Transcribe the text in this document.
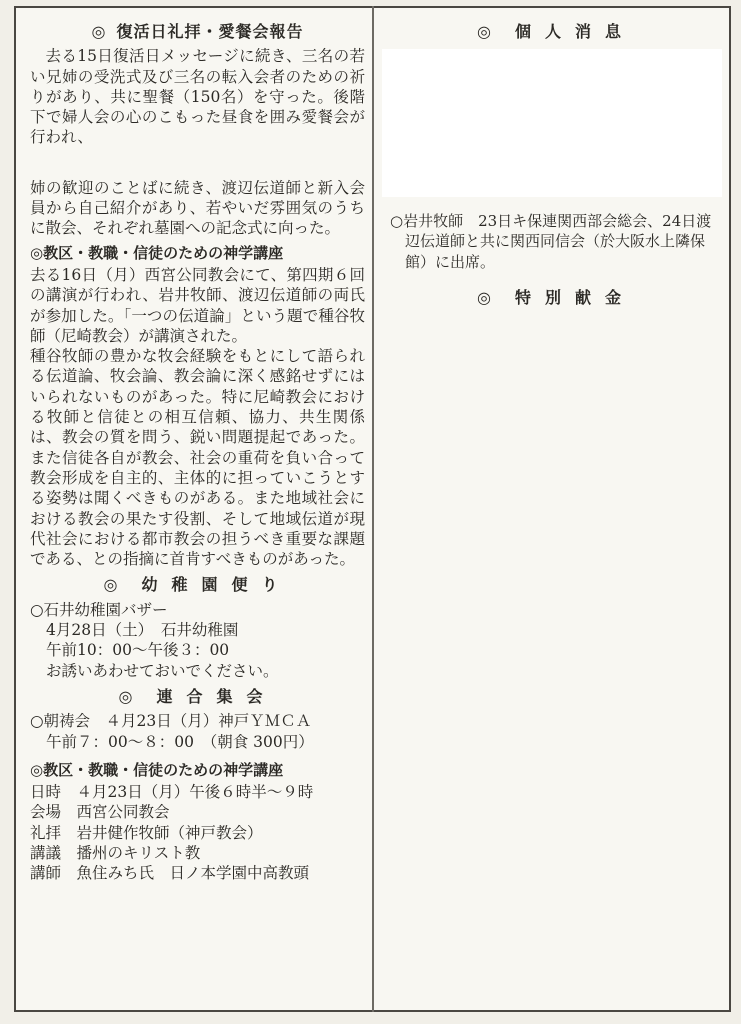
◎ 復活日礼拝・愛餐会報告

去る15日復活日メッセージに続き、三名の若い兄姉の受洗式及び三名の転入会者のための祈りがあり、共に聖餐（150名）を守った。後階下で婦人会の心のこもった昼食を囲み愛餐会が行われ、

姉の歓迎のことばに続き、渡辺伝道師と新入会員から自己紹介があり、若やいだ雰囲気のうちに散会、それぞれ墓園への記念式に向った。

◎教区・教職・信徒のための神学講座

去る16日（月）西宮公同教会にて、第四期６回の講演が行われ、岩井牧師、渡辺伝道師の両氏が参加した。「一つの伝道論」という題で種谷牧師（尼崎教会）が講演された。

種谷牧師の豊かな牧会経験をもとにして語られる伝道論、牧会論、教会論に深く感銘せずにはいられないものがあった。特に尼崎教会における牧師と信徒との相互信頼、協力、共生関係は、教会の質を問う、鋭い問題提起であった。また信徒各自が教会、社会の重荷を負い合って教会形成を自主的、主体的に担っていこうとする姿勢は聞くべきものがある。また地域社会における教会の果たす役割、そして地域伝道が現代社会における都市教会の担うべき重要な課題である、との指摘に首肯すべきものがあった。

◎ 幼稚園便り

○石井幼稚園バザー

4月28日（土）　石井幼稚園

午前10：00～午後３：00

お誘いあわせておいでください。

◎ 連合集会

○朝祷会　４月23日（月）神戸ＹＭＣＡ

午前７：00～８：00　（朝食 300円）

◎教区・教職・信徒のための神学講座

日時　 ４月23日（月）午後６時半～９時

会場　 西宮公同教会

礼拝　 岩井健作牧師（神戸教会）

講議　 播州のキリスト教

講師　 魚住みち氏　日ノ本学園中高教頭

◎ 個人消息

○岩井牧師　23日キ保連関西部会総会、24日渡辺伝道師と共に関西同信会（於大阪水上隣保館）に出席。

◎ 特別献金
